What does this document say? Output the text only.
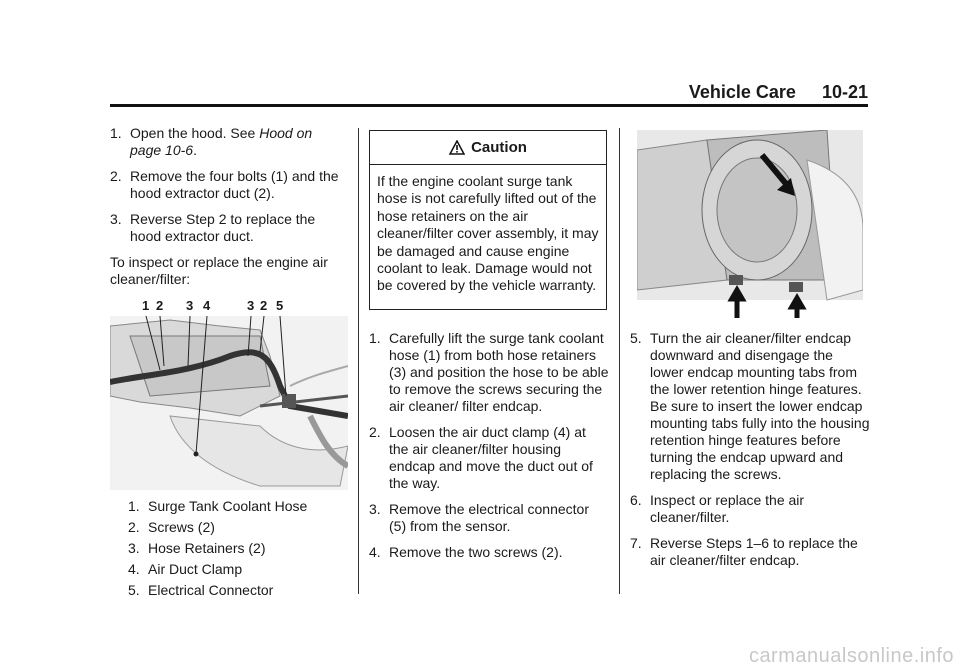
Vehicle Care 10-21
1. Open the hood. See Hood on page 10-6.
2. Remove the four bolts (1) and the hood extractor duct (2).
3. Reverse Step 2 to replace the hood extractor duct.
To inspect or replace the engine air cleaner/filter:
1 2 3 4	3 2 5
1. Surge Tank Coolant Hose
2. Screws (2)
3. Hose Retainers (2)
4. Air Duct Clamp
5. Electrical Connector
Caution
If the engine coolant surge tank hose is not carefully lifted out of the hose retainers on the air cleaner/filter cover assembly, it may be damaged and cause engine coolant to leak. Damage would not be covered by the vehicle warranty.
1. Carefully lift the surge tank coolant hose (1) from both hose retainers (3) and position the hose to be able to remove the screws securing the air cleaner/ filter endcap.
2. Loosen the air duct clamp (4) at the air cleaner/filter housing endcap and move the duct out of the way.
3. Remove the electrical connector (5) from the sensor.
4. Remove the two screws (2).
5. Turn the air cleaner/filter endcap downward and disengage the lower endcap mounting tabs from the lower retention hinge features. Be sure to insert the lower endcap mounting tabs fully into the housing retention hinge features before turning the endcap upward and replacing the screws.
6. Inspect or replace the air cleaner/filter.
7. Reverse Steps 1–6 to replace the air cleaner/filter endcap.
carmanualsonline.info
